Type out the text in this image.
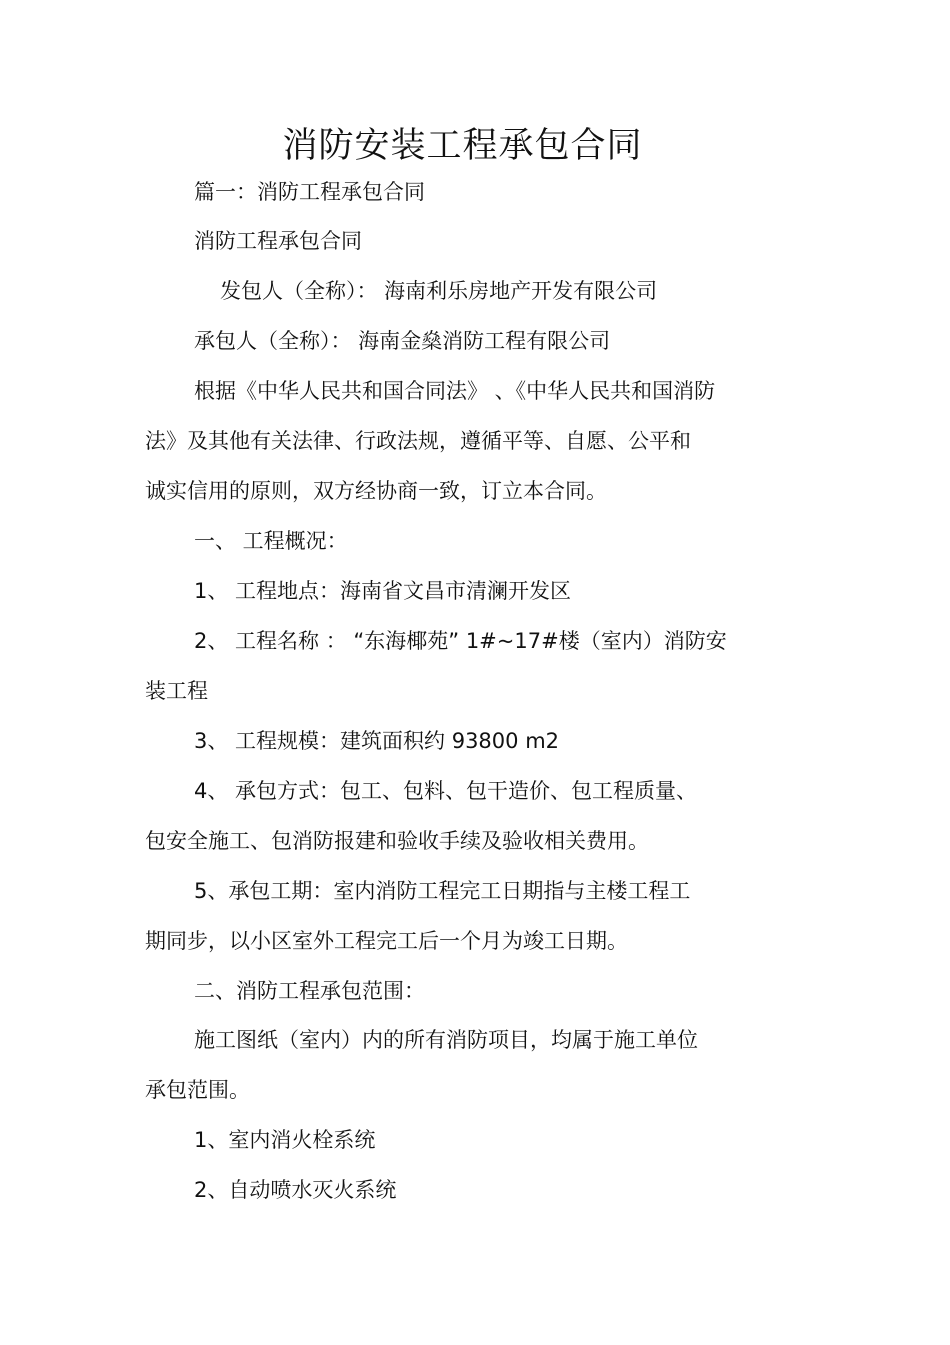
消防安装工程承包合同
篇一：消防工程承包合同
消防工程承包合同
发包人（全称）： 海南利乐房地产开发有限公司
承包人（全称）： 海南金燊消防工程有限公司
根据《中华人民共和国合同法》 、《中华人民共和国消防
法》及其他有关法律、行政法规，遵循平等、自愿、公平和
诚实信用的原则，双方经协商一致，订立本合同。
一、 工程概况：
1、 工程地点：海南省文昌市清澜开发区
2、 工程名称 ： “东海椰苑” 1#~17#楼（室内）消防安
装工程
3、 工程规模：建筑面积约 93800 m2
4、 承包方式：包工、包料、包干造价、包工程质量、
包安全施工、包消防报建和验收手续及验收相关费用。
5、承包工期：室内消防工程完工日期指与主楼工程工
期同步，以小区室外工程完工后一个月为竣工日期。
二、消防工程承包范围：
施工图纸（室内）内的所有消防项目，均属于施工单位
承包范围。
1、室内消火栓系统
2、自动喷水灭火系统
